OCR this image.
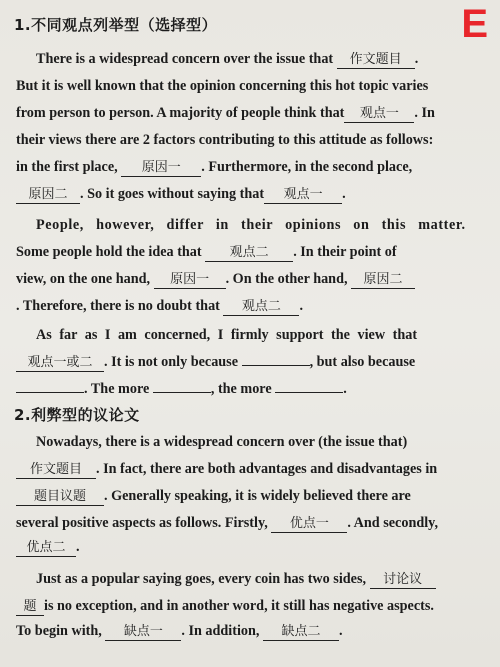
E
1.不同观点列举型（选择型）
There is a widespread concern over the issue that 作文题目 .
But it is well known that the opinion concerning this hot topic varies
from person to person. A majority of people think that 观点一 . In
their views there are 2 factors contributing to this attitude as follows:
in the first place, 原因一 . Furthermore, in the second place,
原因二 . So it goes without saying that 观点一 .
People, however, differ in their opinions on this matter.
Some people hold the idea that 观点二 . In their point of
view, on the one hand, 原因一 . On the other hand, 原因二
. Therefore, there is no doubt that 观点二 .
As far as I am concerned, I firmly support the view that
观点一或二 . It is not only because	, but also because
. The more	, the more	.
2.利弊型的议论文
Nowadays, there is a widespread concern over (the issue that)
作文题目 . In fact, there are both advantages and disadvantages in
题目议题 . Generally speaking, it is widely believed there are
several positive aspects as follows. Firstly, 优点一 . And secondly,
优点二 .
Just as a popular saying goes, every coin has two sides, 讨论议
题 is no exception, and in another word, it still has negative aspects.
To begin with, 缺点一 . In addition, 缺点二 .
